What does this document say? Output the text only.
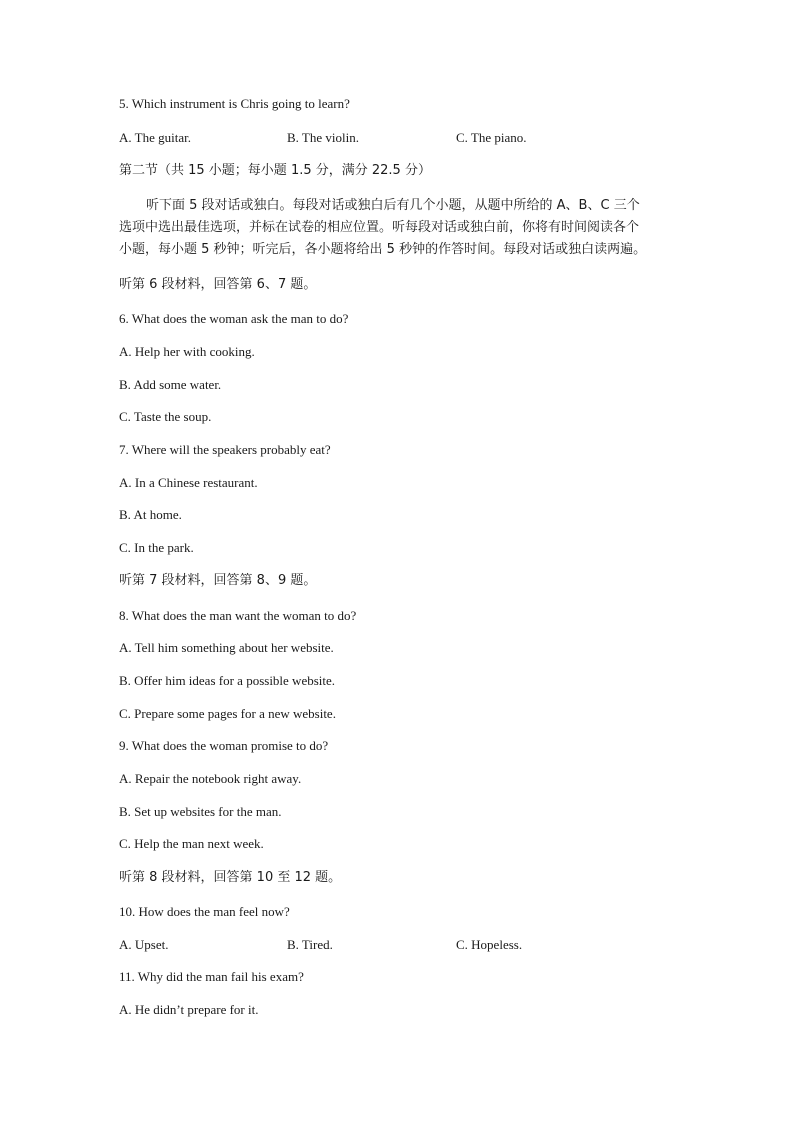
5. Which instrument is Chris going to learn?
A. The guitar.	B. The violin.	C. The piano.
第二节（共 15 小题；每小题 1.5 分，满分 22.5 分）
听下面 5 段对话或独白。每段对话或独白后有几个小题，从题中所给的 A、B、C 三个
选项中选出最佳选项，并标在试卷的相应位置。听每段对话或独白前，你将有时间阅读各个
小题，每小题 5 秒钟；听完后，各小题将给出 5 秒钟的作答时间。每段对话或独白读两遍。
听第 6 段材料，回答第 6、7 题。
6. What does the woman ask the man to do?
A. Help her with cooking.
B. Add some water.
C. Taste the soup.
7. Where will the speakers probably eat?
A. In a Chinese restaurant.
B. At home.
C. In the park.
听第 7 段材料，回答第 8、9 题。
8. What does the man want the woman to do?
A. Tell him something about her website.
B. Offer him ideas for a possible website.
C. Prepare some pages for a new website.
9. What does the woman promise to do?
A. Repair the notebook right away.
B. Set up websites for the man.
C. Help the man next week.
听第 8 段材料，回答第 10 至 12 题。
10. How does the man feel now?
A. Upset.	B. Tired.	C. Hopeless.
11. Why did the man fail his exam?
A. He didn’t prepare for it.
